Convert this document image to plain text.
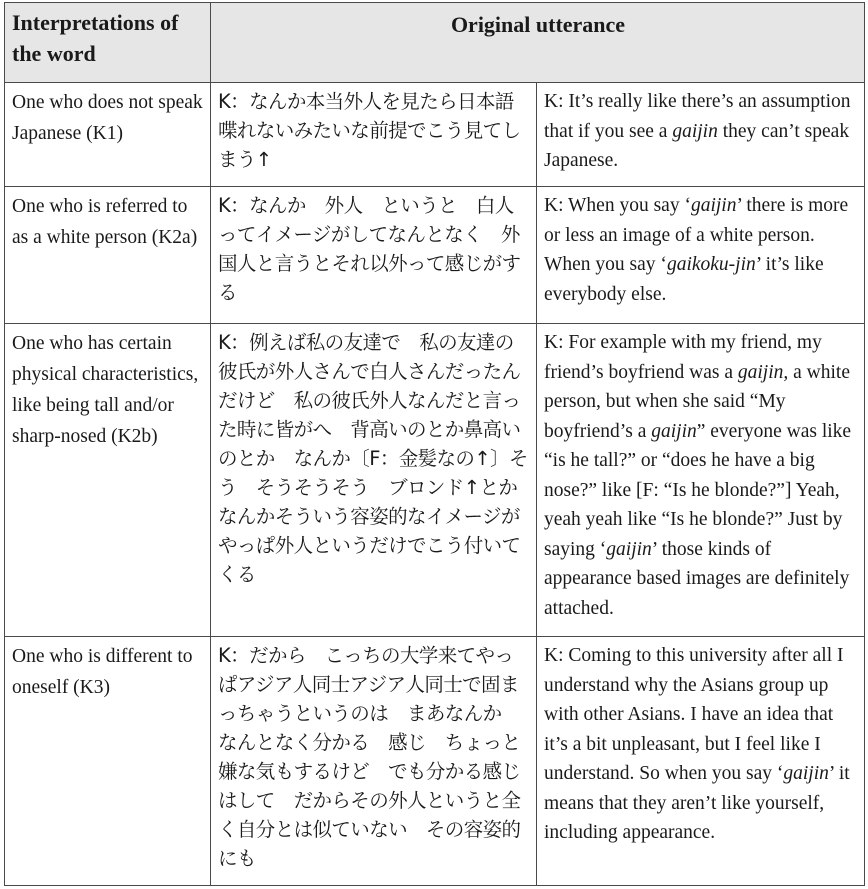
Interpretations of the word	Original utterance	
One who does not speak Japanese (K1)	K：なんか本当外人を見たら日本語喋れないみたいな前提でこう見てしまう↑	K: It’s really like there’s an assumption that if you see a gaijin they can’t speak Japanese.
One who is referred to as a white person (K2a)	K：なんか　外人　というと　白人ってイメージがしてなんとなく　外国人と言うとそれ以外って感じがする	K: When you say ‘gaijin’ there is more or less an image of a white person. When you say ‘gaikoku-jin’ it’s like everybody else.
One who has certain physical characteristics, like being tall and/or sharp-nosed (K2b)	K：例えば私の友達で　私の友達の彼氏が外人さんで白人さんだったんだけど　私の彼氏外人なんだと言った時に皆がへ　背高いのとか鼻高いのとか　なんか〔F：金髪なの↑〕そう　そうそうそう　ブロンド↑とか　なんかそういう容姿的なイメージがやっぱ外人というだけでこう付いてくる	K: For example with my friend, my friend’s boyfriend was a gaijin, a white person, but when she said “My boyfriend’s a gaijin” everyone was like “is he tall?” or “does he have a big nose?” like [F: “Is he blonde?”] Yeah, yeah yeah like “Is he blonde?” Just by saying ‘gaijin’ those kinds of appearance based images are definitely attached.
One who is different to oneself (K3)	K：だから　こっちの大学来てやっぱアジア人同士アジア人同士で固まっちゃうというのは　まあなんか　なんとなく分かる　感じ　ちょっと嫌な気もするけど　でも分かる感じはして　だからその外人というと全く自分とは似ていない　その容姿的にも	K: Coming to this university after all I understand why the Asians group up with other Asians. I have an idea that it’s a bit unpleasant, but I feel like I understand. So when you say ‘gaijin’ it means that they aren’t like yourself, including appearance.
